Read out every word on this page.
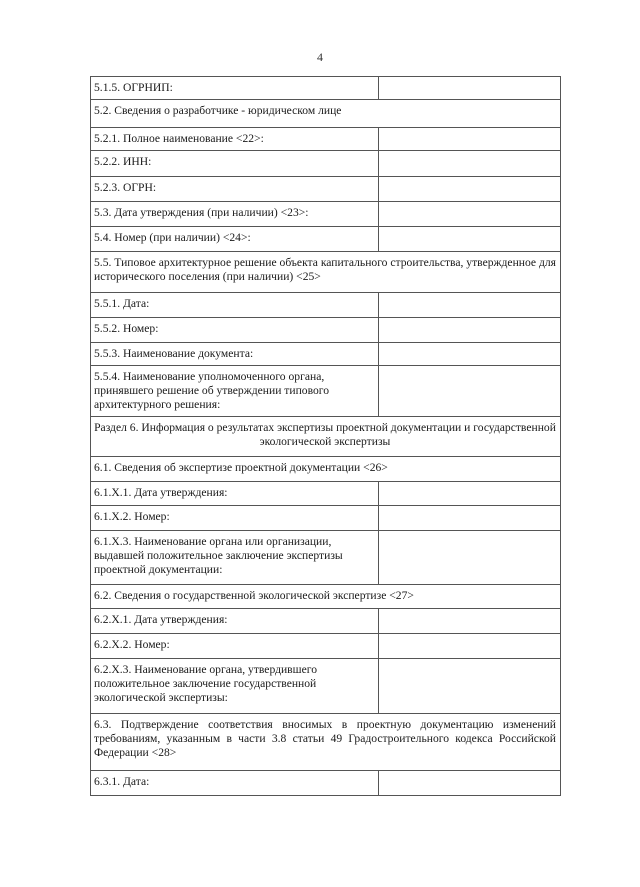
4
5.1.5. ОГРНИП:	
5.2. Сведения о разработчике - юридическом лице	
5.2.1. Полное наименование <22>:	
5.2.2. ИНН:	
5.2.3. ОГРН:	
5.3. Дата утверждения (при наличии) <23>:	
5.4. Номер (при наличии) <24>:	
5.5. Типовое архитектурное решение объекта капитального строительства, утвержденное для исторического поселения (при наличии) <25>	
5.5.1. Дата:	
5.5.2. Номер:	
5.5.3. Наименование документа:	
5.5.4. Наименование уполномоченного органа, принявшего решение об утверждении типового архитектурного решения:	
Раздел 6. Информация о результатах экспертизы проектной документации и государственной экологической экспертизы	
6.1. Сведения об экспертизе проектной документации <26>	
6.1.Х.1. Дата утверждения:	
6.1.Х.2. Номер:	
6.1.Х.3. Наименование органа или организации, выдавшей положительное заключение экспертизы проектной документации:	
6.2. Сведения о государственной экологической экспертизе <27>	
6.2.Х.1. Дата утверждения:	
6.2.Х.2. Номер:	
6.2.Х.3. Наименование органа, утвердившего положительное заключение государственной экологической экспертизы:	
6.3. Подтверждение соответствия вносимых в проектную документацию изменений требованиям, указанным в части 3.8 статьи 49 Градостроительного кодекса Российской Федерации <28>	
6.3.1. Дата:	
